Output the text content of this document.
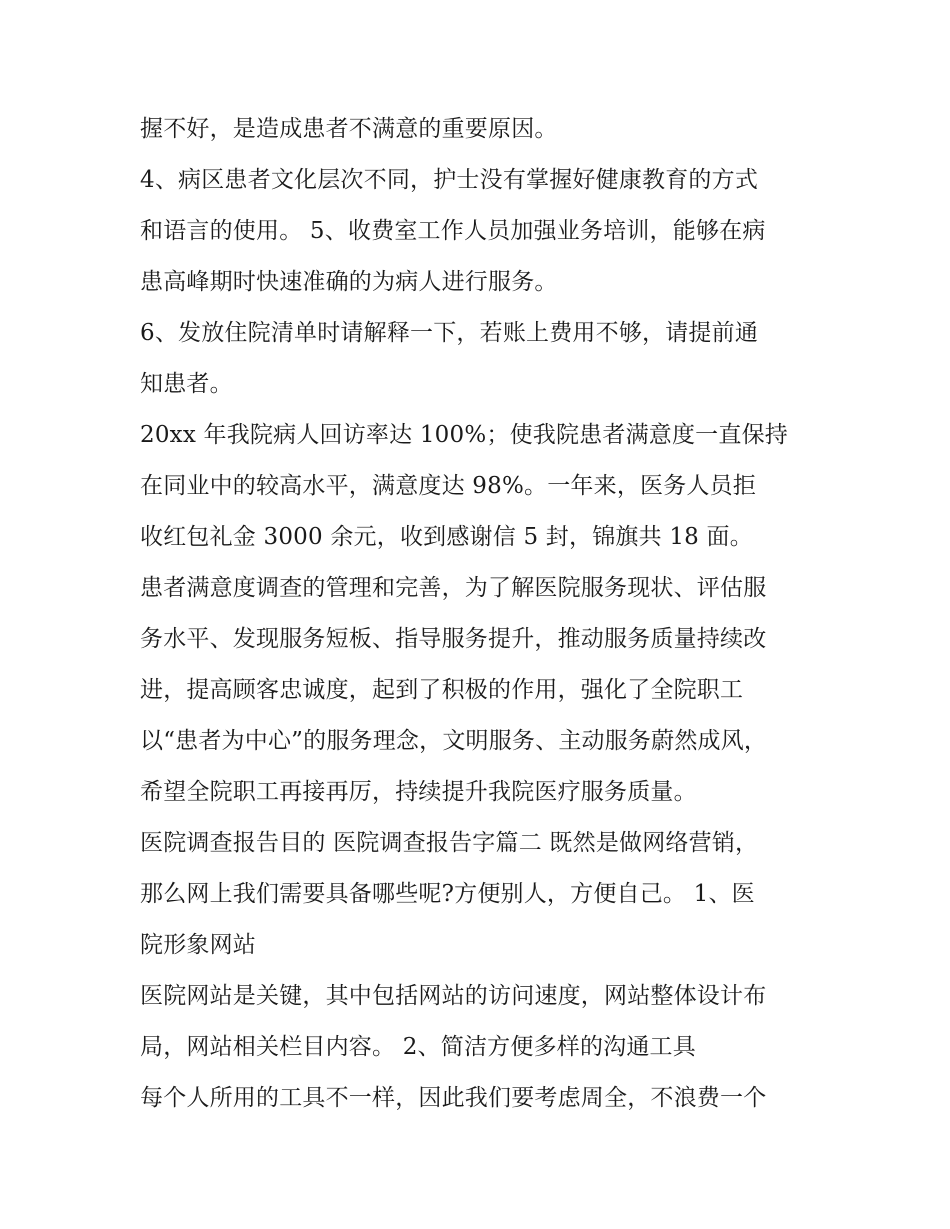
握不好，是造成患者不满意的重要原因。
4、病区患者文化层次不同，护士没有掌握好健康教育的方式
和语言的使用。 5、收费室工作人员加强业务培训，能够在病
患高峰期时快速准确的为病人进行服务。
6、发放住院清单时请解释一下，若账上费用不够，请提前通
知患者。
20xx 年我院病人回访率达 100%；使我院患者满意度一直保持
在同业中的较高水平，满意度达 98%。一年来，医务人员拒
收红包礼金 3000 余元，收到感谢信 5 封，锦旗共 18 面。
患者满意度调查的管理和完善，为了解医院服务现状、评估服
务水平、发现服务短板、指导服务提升，推动服务质量持续改
进，提高顾客忠诚度，起到了积极的作用，强化了全院职工
以“患者为中心”的服务理念，文明服务、主动服务蔚然成风，
希望全院职工再接再厉，持续提升我院医疗服务质量。
医院调查报告目的 医院调查报告字篇二 既然是做网络营销，
那么网上我们需要具备哪些呢?方便别人，方便自己。 1、医
院形象网站
医院网站是关键，其中包括网站的访问速度，网站整体设计布
局，网站相关栏目内容。 2、简洁方便多样的沟通工具
每个人所用的工具不一样，因此我们要考虑周全，不浪费一个
